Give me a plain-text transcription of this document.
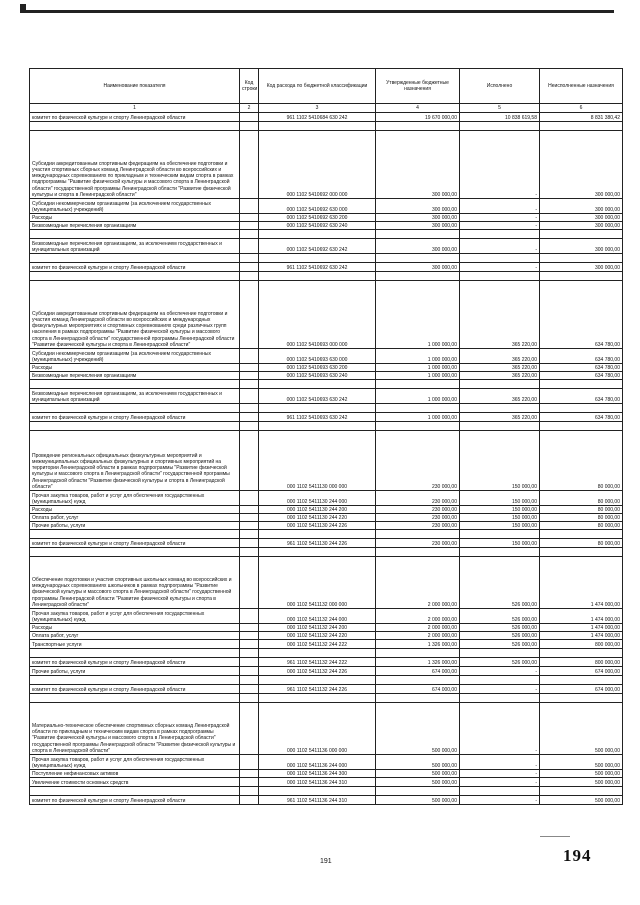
Наименование показателя	Код строки	Код расхода по бюджетной классификации	Утвержденные бюджетные назначения	Исполнено	Неисполненные назначения
1	2	3	4	5	6
комитет по физической культуре и спорту Ленинградской области		961 1102 5410684 630 242	19 670 000,00	10 838 619,58	8 831 380,42

Субсидии аккредитованным спортивным федерациям на обеспечение подготовки и участия спортивных сборных команд Ленинградской области во всероссийских и международных соревнованиях по прикладным и техническим видам спорта в рамках подпрограммы "Развитие физической культуры и массового спорта в Ленинградской области" государственной программы Ленинградской области "Развитие физической культуры и спорта в Ленинградской области"		000 1102 5410692 000 000	300 000,00	-	300 000,00
Субсидии некоммерческим организациям (за исключением государственных (муниципальных) учреждений)		000 1102 5410692 630 000	300 000,00	-	300 000,00
Расходы		000 1102 5410692 630 200	300 000,00	-	300 000,00
Безвозмездные перечисления организациям		000 1102 5410692 630 240	300 000,00	-	300 000,00

Безвозмездные перечисления организациям, за исключением государственных и муниципальных организаций		000 1102 5410692 630 242	300 000,00	-	300 000,00

комитет по физической культуре и спорту Ленинградской области		961 1102 5410692 630 242	300 000,00	-	300 000,00

Субсидии аккредитованным спортивным федерациям на обеспечение подготовки и участия команд Ленинградской области во всероссийских и международных физкультурных мероприятиях и спортивных соревнованиях среди различных групп населения в рамках подпрограммы "Развитие физической культуры и массового спорта в Ленинградской области" государственной программы Ленинградской области "Развитие физической культуры и спорта в Ленинградской области"		000 1102 5410693 000 000	1 000 000,00	365 220,00	634 780,00
Субсидии некоммерческим организациям (за исключением государственных (муниципальных) учреждений)		000 1102 5410693 630 000	1 000 000,00	365 220,00	634 780,00
Расходы		000 1102 5410693 630 200	1 000 000,00	365 220,00	634 780,00
Безвозмездные перечисления организациям		000 1102 5410693 630 240	1 000 000,00	365 220,00	634 780,00

Безвозмездные перечисления организациям, за исключением государственных и муниципальных организаций		000 1102 5410693 630 242	1 000 000,00	365 220,00	634 780,00

комитет по физической культуре и спорту Ленинградской области		961 1102 5410693 630 242	1 000 000,00	365 220,00	634 780,00

Проведение региональных официальных физкультурных мероприятий и межмуниципальных официальных физкультурных и спортивных мероприятий на территории Ленинградской области в рамках подпрограммы "Развитие физической культуры и массового спорта в Ленинградской области" государственной программы Ленинградской области "Развитие физической культуры и спорта в Ленинградской области"		000 1102 5411130 000 000	230 000,00	150 000,00	80 000,00
Прочая закупка товаров, работ и услуг для обеспечения государственных (муниципальных) нужд		000 1102 5411130 244 000	230 000,00	150 000,00	80 000,00
Расходы		000 1102 5411130 244 200	230 000,00	150 000,00	80 000,00
Оплата работ, услуг		000 1102 5411130 244 220	230 000,00	150 000,00	80 000,00
Прочие работы, услуги		000 1102 5411130 244 226	230 000,00	150 000,00	80 000,00

комитет по физической культуре и спорту Ленинградской области		961 1102 5411130 244 226	230 000,00	150 000,00	80 000,00

Обеспечение подготовки и участия спортивных школьных команд во всероссийских и международных соревнованиях школьников в рамках подпрограммы "Развитие физической культуры и массового спорта в Ленинградской области" государственной программы Ленинградской области "Развитие физической культуры и спорта в Ленинградской области"		000 1102 5411132 000 000	2 000 000,00	526 000,00	1 474 000,00
Прочая закупка товаров, работ и услуг для обеспечения государственных (муниципальных) нужд		000 1102 5411132 244 000	2 000 000,00	526 000,00	1 474 000,00
Расходы		000 1102 5411132 244 200	2 000 000,00	526 000,00	1 474 000,00
Оплата работ, услуг		000 1102 5411132 244 220	2 000 000,00	526 000,00	1 474 000,00
Транспортные услуги		000 1102 5411132 244 222	1 326 000,00	526 000,00	800 000,00

комитет по физической культуре и спорту Ленинградской области		961 1102 5411132 244 222	1 326 000,00	526 000,00	800 000,00
Прочие работы, услуги		000 1102 5411132 244 226	674 000,00	-	674 000,00

комитет по физической культуре и спорту Ленинградской области		961 1102 5411132 244 226	674 000,00	-	674 000,00

Материально-техническое обеспечение спортивных сборных команд Ленинградской области по прикладным и техническим видам спорта в рамках подпрограммы "Развитие физической культуры и массового спорта в Ленинградской области" государственной программы Ленинградской области "Развитие физической культуры и спорта в Ленинградской области"		000 1102 5411136 000 000	500 000,00	-	500 000,00
Прочая закупка товаров, работ и услуг для обеспечения государственных (муниципальных) нужд		000 1102 5411136 244 000	500 000,00	-	500 000,00
Поступление нефинансовых активов		000 1102 5411136 244 300	500 000,00	-	500 000,00
Увеличение стоимости основных средств		000 1102 5411136 244 310	500 000,00	-	500 000,00

комитет по физической культуре и спорту Ленинградской области		961 1102 5411136 244 310	500 000,00	-	500 000,00
191	194
